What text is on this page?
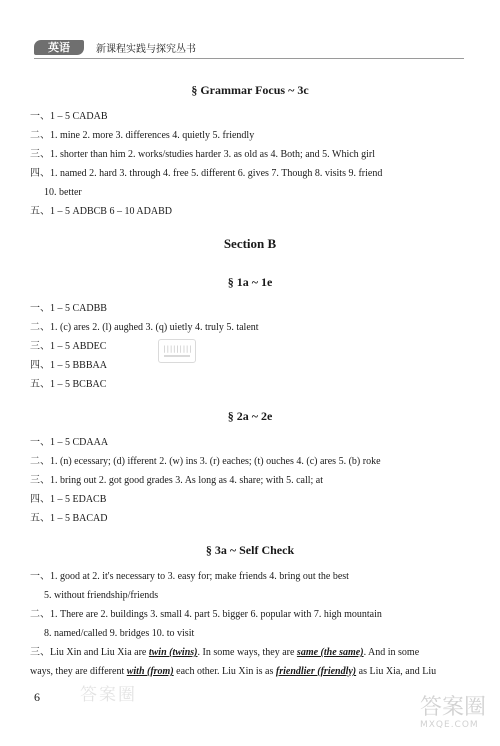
英语	新课程实践与探究丛书
§ Grammar Focus ~ 3c
一、1 – 5 CADAB
二、1. mine 2. more 3. differences 4. quietly 5. friendly
三、1. shorter than him 2. works/studies harder 3. as old as 4. Both; and 5. Which girl
四、1. named 2. hard 3. through 4. free 5. different 6. gives 7. Though 8. visits 9. friend
10. better
五、1 – 5 ADBCB 6 – 10 ADABD
Section B
§ 1a ~ 1e
一、1 – 5 CADBB
二、1. (c) ares 2. (l) aughed 3. (q) uietly 4. truly 5. talent
三、1 – 5 ABDEC
四、1 – 5 BBBAA
五、1 – 5 BCBAC
|||||||||
§ 2a ~ 2e
一、1 – 5 CDAAA
二、1. (n) ecessary; (d) ifferent 2. (w) ins 3. (r) eaches; (t) ouches 4. (c) ares 5. (b) roke
三、1. bring out 2. got good grades 3. As long as 4. share; with 5. call; at
四、1 – 5 EDACB
五、1 – 5 BACAD
§ 3a ~ Self Check
一、1. good at 2. it's necessary to 3. easy for; make friends 4. bring out the best
5. without friendship/friends
二、1. There are 2. buildings 3. small 4. part 5. bigger 6. popular with 7. high mountain
8. named/called 9. bridges 10. to visit
三、Liu Xin and Liu Xia are twin (twins). In some ways, they are same (the same). And in some
ways, they are different with (from) each other. Liu Xin is as friendlier (friendly) as Liu Xia, and Liu
6 答案圈	答案圈
MXQE.COM
